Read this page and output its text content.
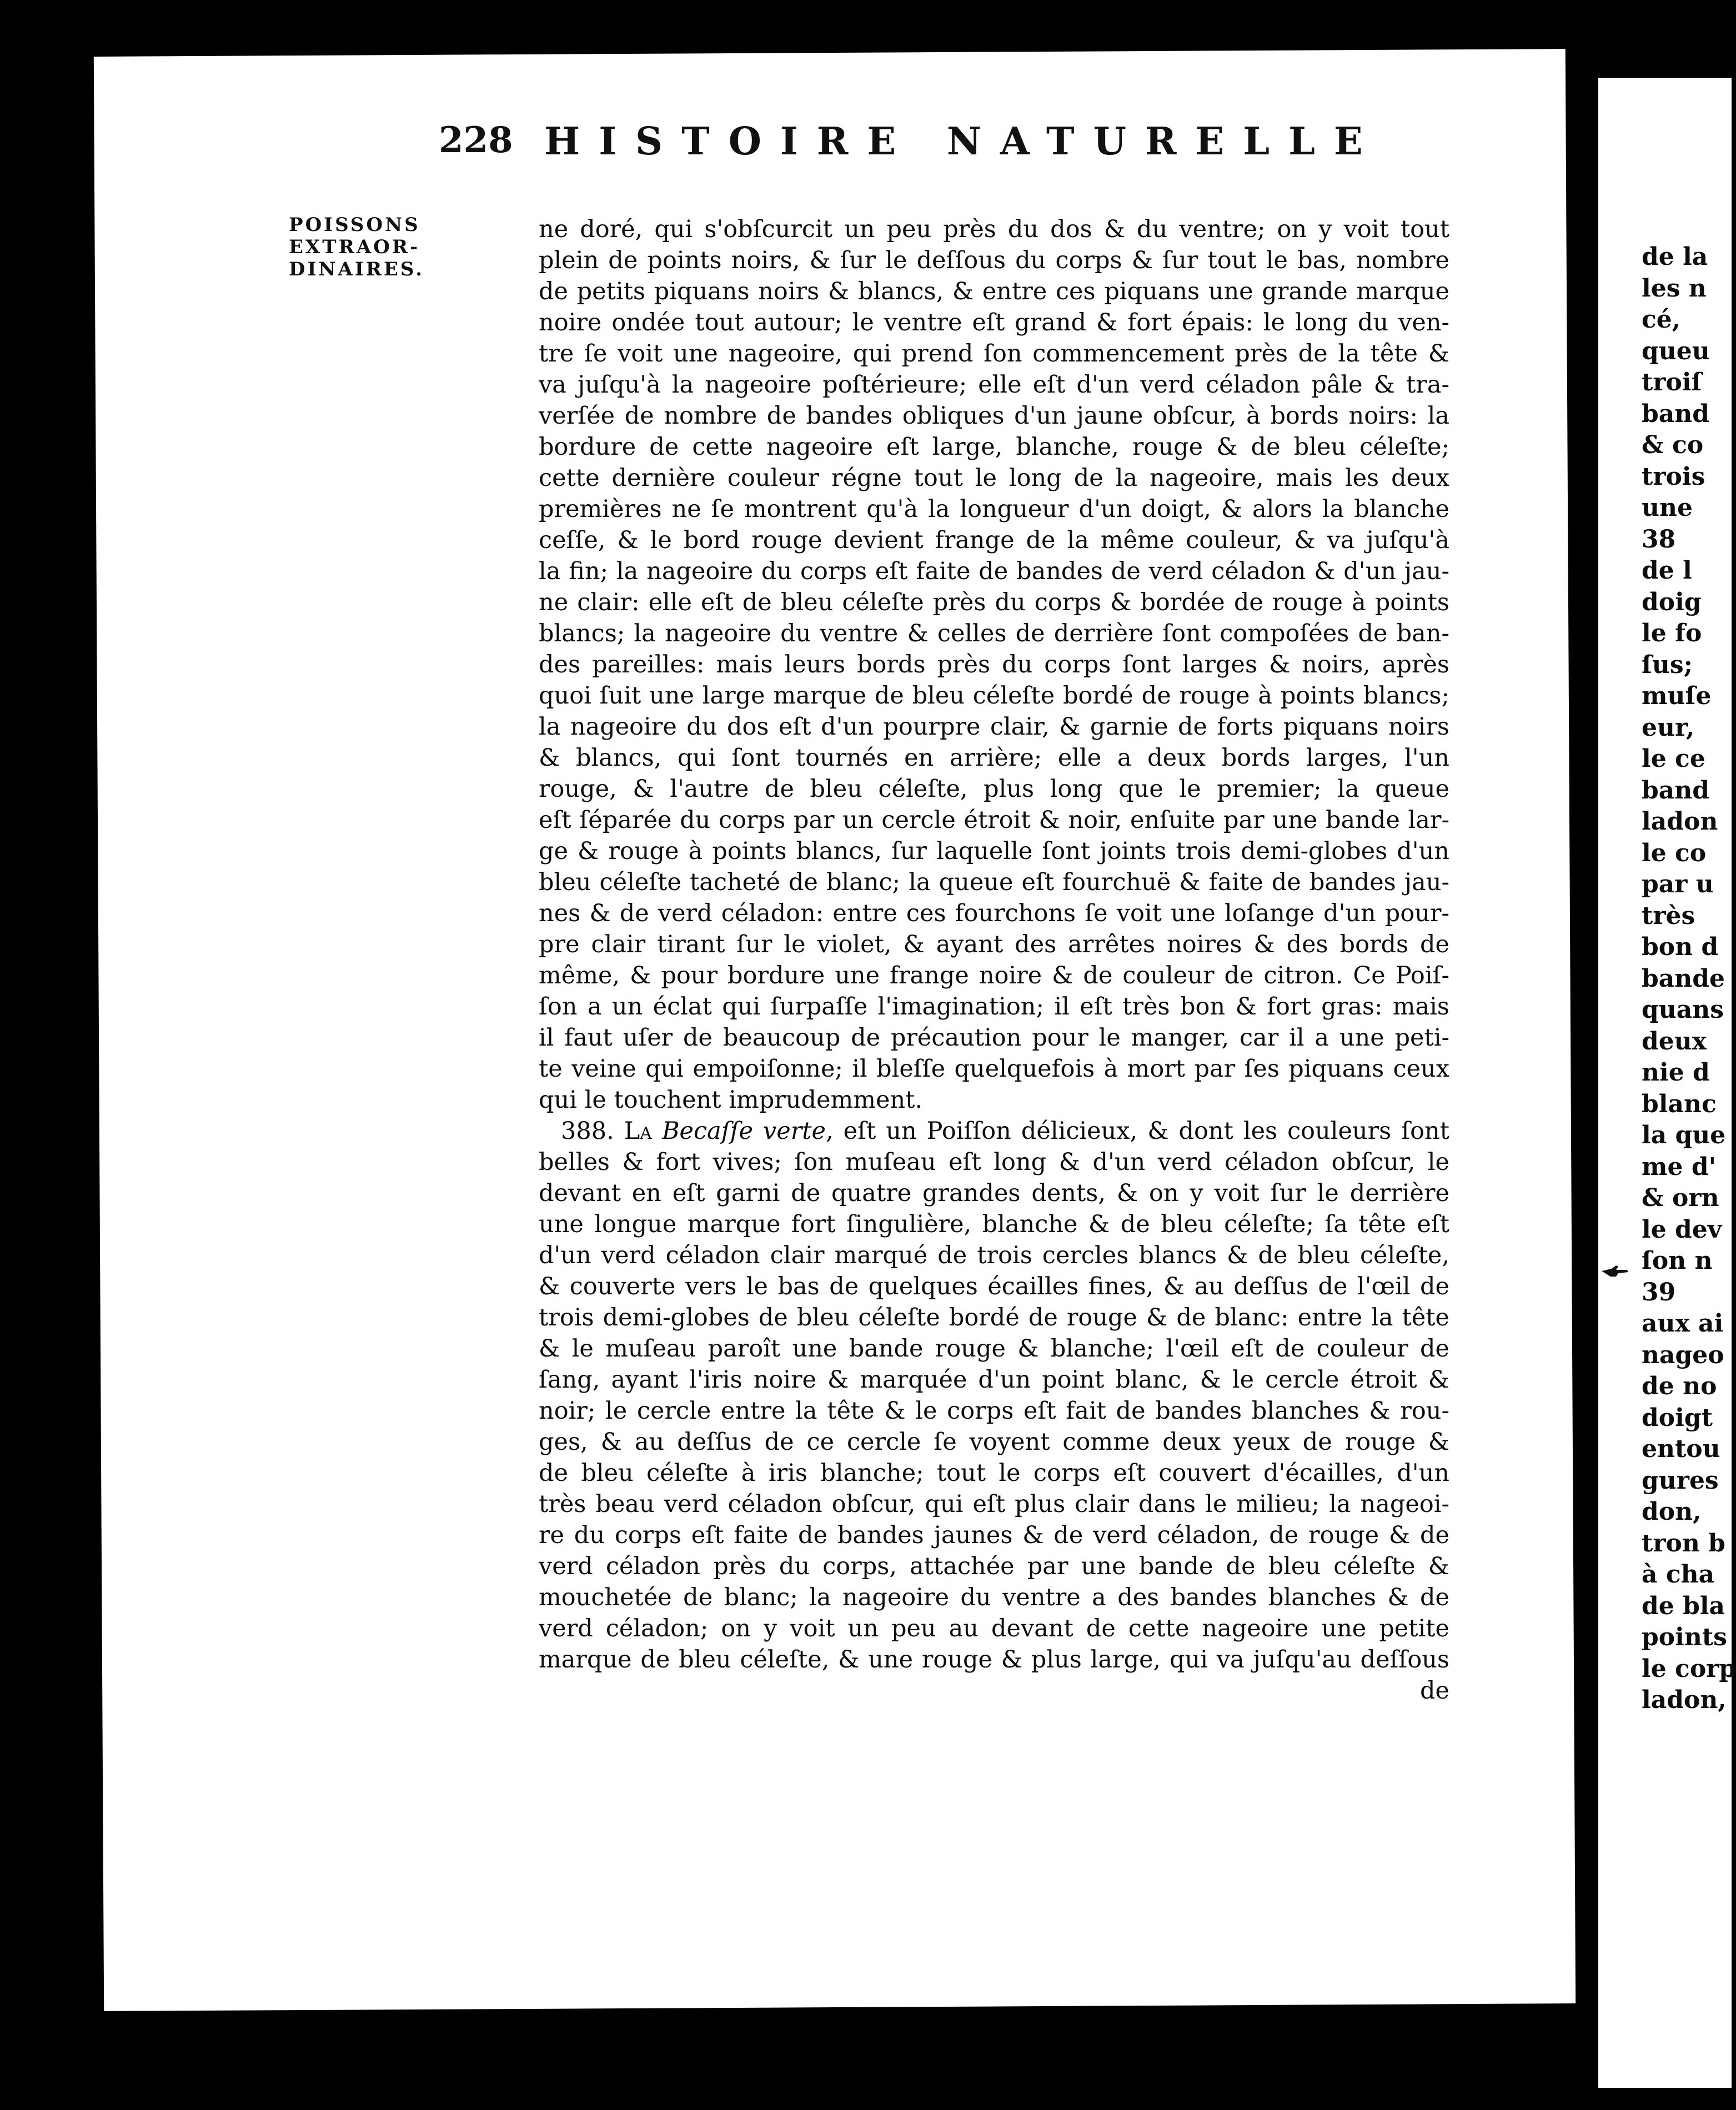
228 HISTOIRE NATURELLE
POISSONS
EXTRAOR-
DINAIRES.
ne doré, qui s'obſcurcit un peu près du dos & du ventre; on y voit tout
plein de points noirs, & ſur le deſſous du corps & ſur tout le bas, nombre
de petits piquans noirs & blancs, & entre ces piquans une grande marque
noire ondée tout autour; le ventre eſt grand & fort épais: le long du ven-
tre ſe voit une nageoire, qui prend ſon commencement près de la tête &
va juſqu'à la nageoire poſtérieure; elle eſt d'un verd céladon pâle & tra-
verſée de nombre de bandes obliques d'un jaune obſcur, à bords noirs: la
bordure de cette nageoire eſt large, blanche, rouge & de bleu céleſte;
cette dernière couleur régne tout le long de la nageoire, mais les deux
premières ne ſe montrent qu'à la longueur d'un doigt, & alors la blanche
ceſſe, & le bord rouge devient frange de la même couleur, & va juſqu'à
la fin; la nageoire du corps eſt faite de bandes de verd céladon & d'un jau-
ne clair: elle eſt de bleu céleſte près du corps & bordée de rouge à points
blancs; la nageoire du ventre & celles de derrière ſont compoſées de ban-
des pareilles: mais leurs bords près du corps ſont larges & noirs, après
quoi ſuit une large marque de bleu céleſte bordé de rouge à points blancs;
la nageoire du dos eſt d'un pourpre clair, & garnie de forts piquans noirs
& blancs, qui ſont tournés en arrière; elle a deux bords larges, l'un
rouge, & l'autre de bleu céleſte, plus long que le premier; la queue
eſt ſéparée du corps par un cercle étroit & noir, enſuite par une bande lar-
ge & rouge à points blancs, ſur laquelle ſont joints trois demi-globes d'un
bleu céleſte tacheté de blanc; la queue eſt fourchuë & faite de bandes jau-
nes & de verd céladon: entre ces fourchons ſe voit une loſange d'un pour-
pre clair tirant ſur le violet, & ayant des arrêtes noires & des bords de
même, & pour bordure une frange noire & de couleur de citron. Ce Poiſ-
ſon a un éclat qui ſurpaſſe l'imagination; il eſt très bon & fort gras: mais
il faut uſer de beaucoup de précaution pour le manger, car il a une peti-
te veine qui empoiſonne; il bleſſe quelquefois à mort par ſes piquans ceux
qui le touchent imprudemment.
388. La Becaſſe verte, eſt un Poiſſon délicieux, & dont les couleurs ſont
belles & fort vives; ſon muſeau eſt long & d'un verd céladon obſcur, le
devant en eſt garni de quatre grandes dents, & on y voit ſur le derrière
une longue marque fort ſingulière, blanche & de bleu céleſte; ſa tête eſt
d'un verd céladon clair marqué de trois cercles blancs & de bleu céleſte,
& couverte vers le bas de quelques écailles fines, & au deſſus de l'œil de
trois demi-globes de bleu céleſte bordé de rouge & de blanc: entre la tête
& le muſeau paroît une bande rouge & blanche; l'œil eſt de couleur de
ſang, ayant l'iris noire & marquée d'un point blanc, & le cercle étroit &
noir; le cercle entre la tête & le corps eſt fait de bandes blanches & rou-
ges, & au deſſus de ce cercle ſe voyent comme deux yeux de rouge &
de bleu céleſte à iris blanche; tout le corps eſt couvert d'écailles, d'un
très beau verd céladon obſcur, qui eſt plus clair dans le milieu; la nageoi-
re du corps eſt faite de bandes jaunes & de verd céladon, de rouge & de
verd céladon près du corps, attachée par une bande de bleu céleſte &
mouchetée de blanc; la nageoire du ventre a des bandes blanches & de
verd céladon; on y voit un peu au devant de cette nageoire une petite
marque de bleu céleſte, & une rouge & plus large, qui va juſqu'au deſſous
de
de la
les n
cé,
queu
troiſ
band
& co
trois
une
38
de l
doig
le fo
ſus;
muſe
eur,
le ce
band
ladon
le co
par u
très
bon d
bande
quans
deux
nie d
blanc
la que
me d'
& orn
le dev
ſon n
39
aux ai
nageo
de no
doigt
entou
gures
don,
tron b
à cha
de bla
points
le corp
ladon,
